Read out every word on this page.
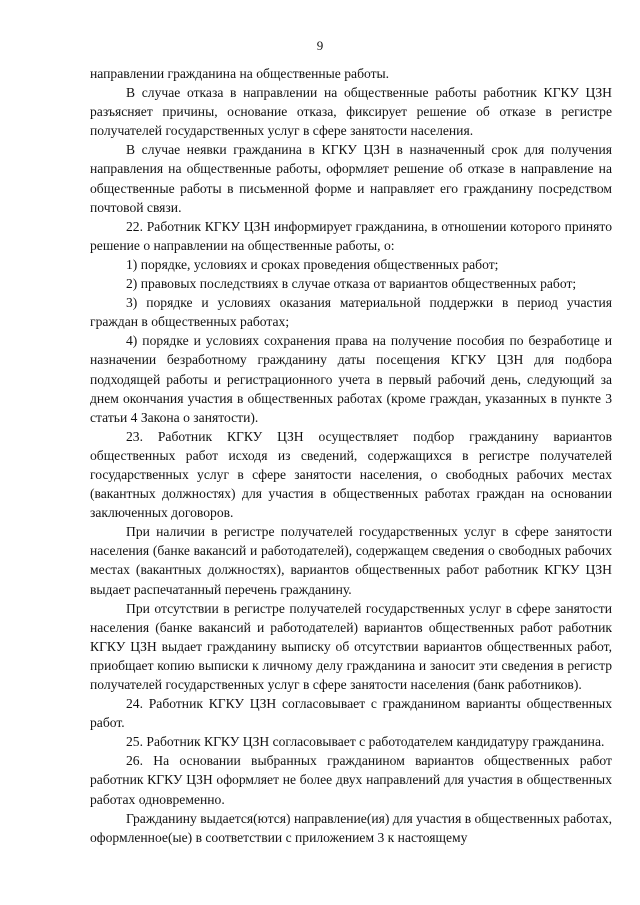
9

направлении гражданина на общественные работы.

В случае отказа в направлении на общественные работы работник КГКУ ЦЗН разъясняет причины, основание отказа, фиксирует решение об отказе в регистре получателей государственных услуг в сфере занятости населения.

В случае неявки гражданина в КГКУ ЦЗН в назначенный срок для получения направления на общественные работы, оформляет решение об отказе в направление на общественные работы в письменной форме и направляет его гражданину посредством почтовой связи.

22. Работник КГКУ ЦЗН информирует гражданина, в отношении которого принято решение о направлении на общественные работы, о:

1) порядке, условиях и сроках проведения общественных работ;

2) правовых последствиях в случае отказа от вариантов общественных работ;

3) порядке и условиях оказания материальной поддержки в период участия граждан в общественных работах;

4) порядке и условиях сохранения права на получение пособия по безработице и назначении безработному гражданину даты посещения КГКУ ЦЗН для подбора подходящей работы и регистрационного учета в первый рабочий день, следующий за днем окончания участия в общественных работах (кроме граждан, указанных в пункте 3 статьи 4 Закона о занятости).

23. Работник КГКУ ЦЗН осуществляет подбор гражданину вариантов общественных работ исходя из сведений, содержащихся в регистре получателей государственных услуг в сфере занятости населения, о свободных рабочих местах (вакантных должностях) для участия в общественных работах граждан на основании заключенных договоров.

При наличии в регистре получателей государственных услуг в сфере занятости населения (банке вакансий и работодателей), содержащем сведения о свободных рабочих местах (вакантных должностях), вариантов общественных работ работник КГКУ ЦЗН выдает распечатанный перечень гражданину.

При отсутствии в регистре получателей государственных услуг в сфере занятости населения (банке вакансий и работодателей) вариантов общественных работ работник КГКУ ЦЗН выдает гражданину выписку об отсутствии вариантов общественных работ, приобщает копию выписки к личному делу гражданина и заносит эти сведения в регистр получателей государственных услуг в сфере занятости населения (банк работников).

24. Работник КГКУ ЦЗН согласовывает с гражданином варианты общественных работ.

25. Работник КГКУ ЦЗН согласовывает с работодателем кандидатуру гражданина.

26. На основании выбранных гражданином вариантов общественных работ работник КГКУ ЦЗН оформляет не более двух направлений для участия в общественных работах одновременно.

Гражданину выдается(ются) направление(ия) для участия в общественных работах, оформленное(ые) в соответствии с приложением 3 к настоящему
